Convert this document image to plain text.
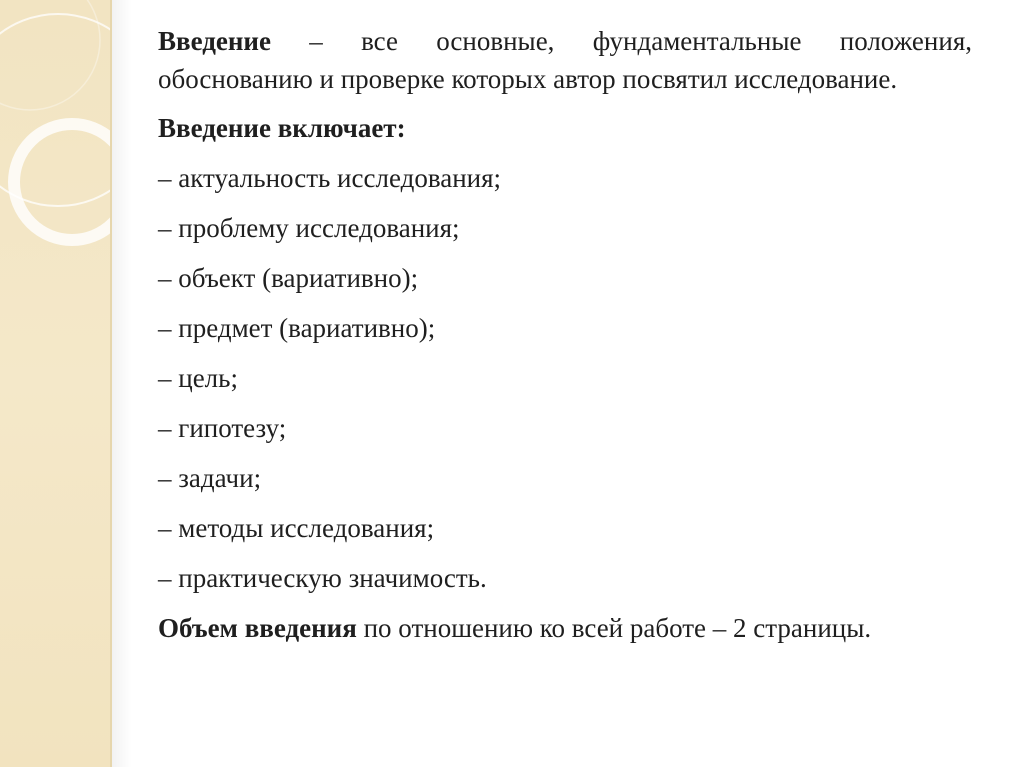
Введение – все основные, фундаментальные положения, обоснованию и проверке которых автор посвятил исследование.

Введение включает:

– актуальность исследования;

– проблему исследования;

– объект (вариативно);

– предмет (вариативно);

– цель;

– гипотезу;

– задачи;

– методы исследования;

– практическую значимость.

Объем введения по отношению ко всей работе – 2 страницы.
